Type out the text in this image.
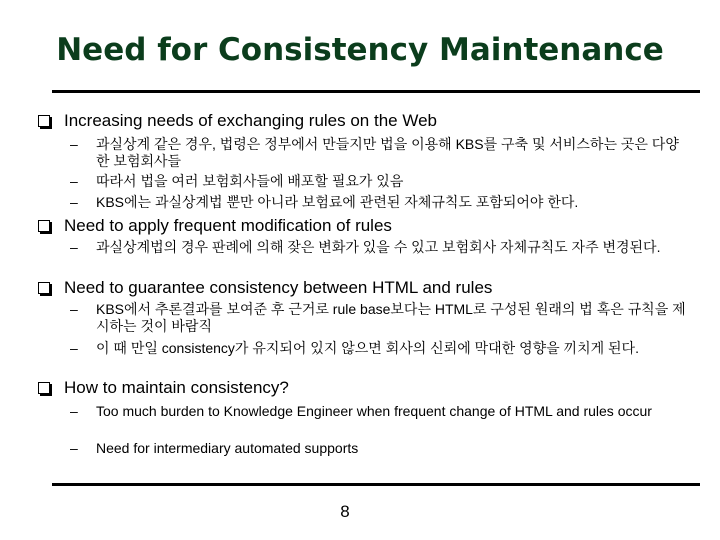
Need for Consistency Maintenance
Increasing needs of exchanging rules on the Web
– 과실상계 같은 경우, 법령은 정부에서 만들지만 법을 이용해 KBS를 구축 및 서비스하는 곳은 다양한 보험회사들
– 따라서 법을 여러 보험회사들에 배포할 필요가 있음
– KBS에는 과실상계법 뿐만 아니라 보험료에 관련된 자체규칙도 포함되어야 한다.
Need to apply frequent modification of rules
– 과실상계법의 경우 판례에 의해 잦은 변화가 있을 수 있고 보험회사 자체규칙도 자주 변경된다.
Need to guarantee consistency between HTML and rules
– KBS에서 추론결과를 보여준 후 근거로 rule base보다는 HTML로 구성된 원래의 법 혹은 규칙을 제시하는 것이 바람직
– 이 때 만일 consistency가 유지되어 있지 않으면 회사의 신뢰에 막대한 영향을 끼치게 된다.
How to maintain consistency?
– Too much burden to Knowledge Engineer when frequent change of HTML and rules occur
– Need for intermediary automated supports
8
